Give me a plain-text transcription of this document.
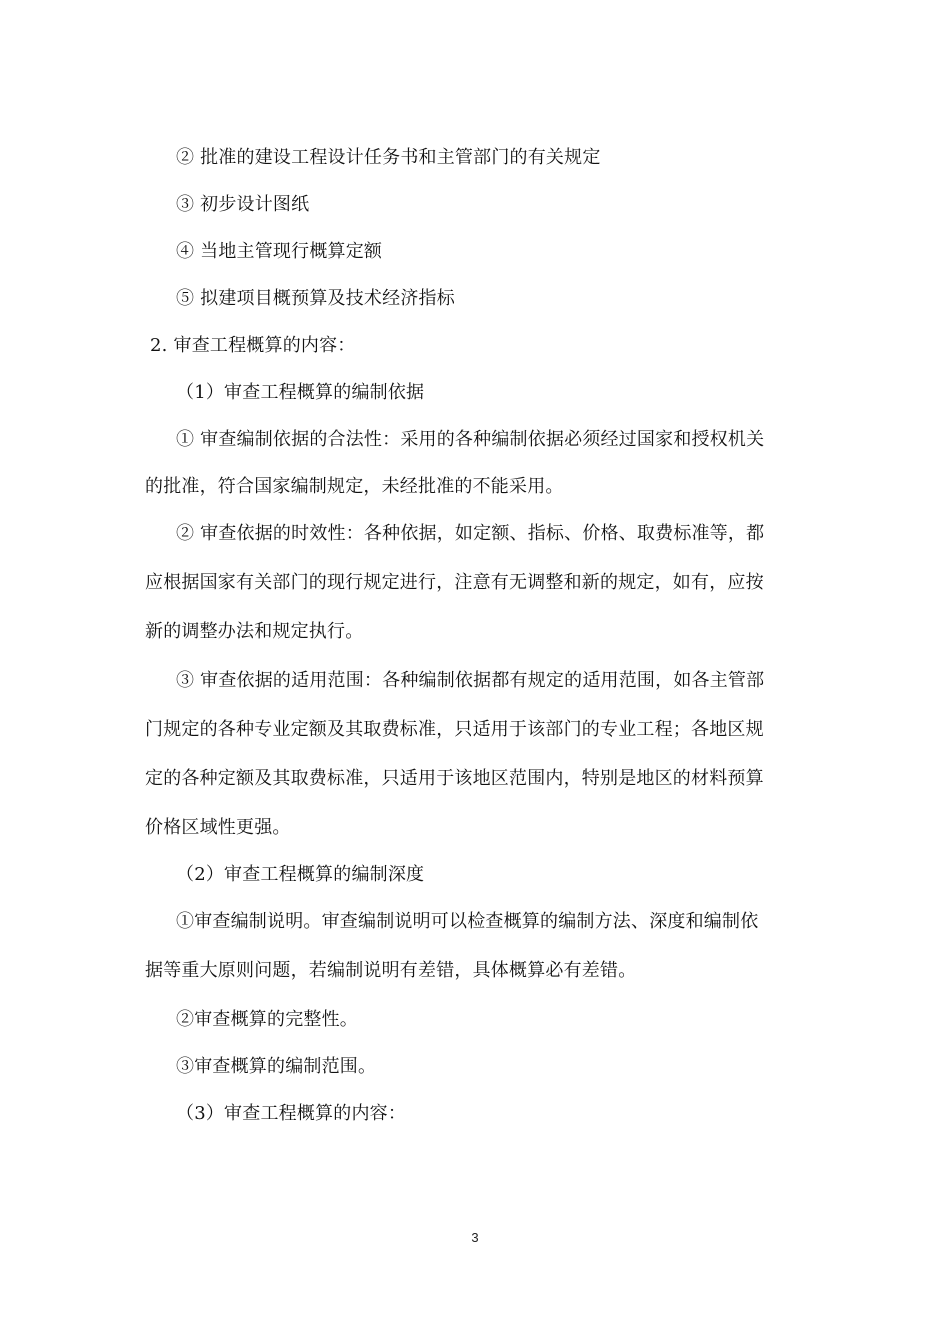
② 批准的建设工程设计任务书和主管部门的有关规定
③ 初步设计图纸
④ 当地主管现行概算定额
⑤ 拟建项目概预算及技术经济指标
2. 审查工程概算的内容：
（1）审查工程概算的编制依据
① 审查编制依据的合法性：采用的各种编制依据必须经过国家和授权机关
的批准，符合国家编制规定，未经批准的不能采用。
② 审查依据的时效性：各种依据，如定额、指标、价格、取费标准等，都
应根据国家有关部门的现行规定进行，注意有无调整和新的规定，如有，应按
新的调整办法和规定执行。
③ 审查依据的适用范围：各种编制依据都有规定的适用范围，如各主管部
门规定的各种专业定额及其取费标准，只适用于该部门的专业工程；各地区规
定的各种定额及其取费标准，只适用于该地区范围内，特别是地区的材料预算
价格区域性更强。
（2）审查工程概算的编制深度
①审查编制说明。审查编制说明可以检查概算的编制方法、深度和编制依
据等重大原则问题，若编制说明有差错，具体概算必有差错。
②审查概算的完整性。
③审查概算的编制范围。
（3）审查工程概算的内容：
3
